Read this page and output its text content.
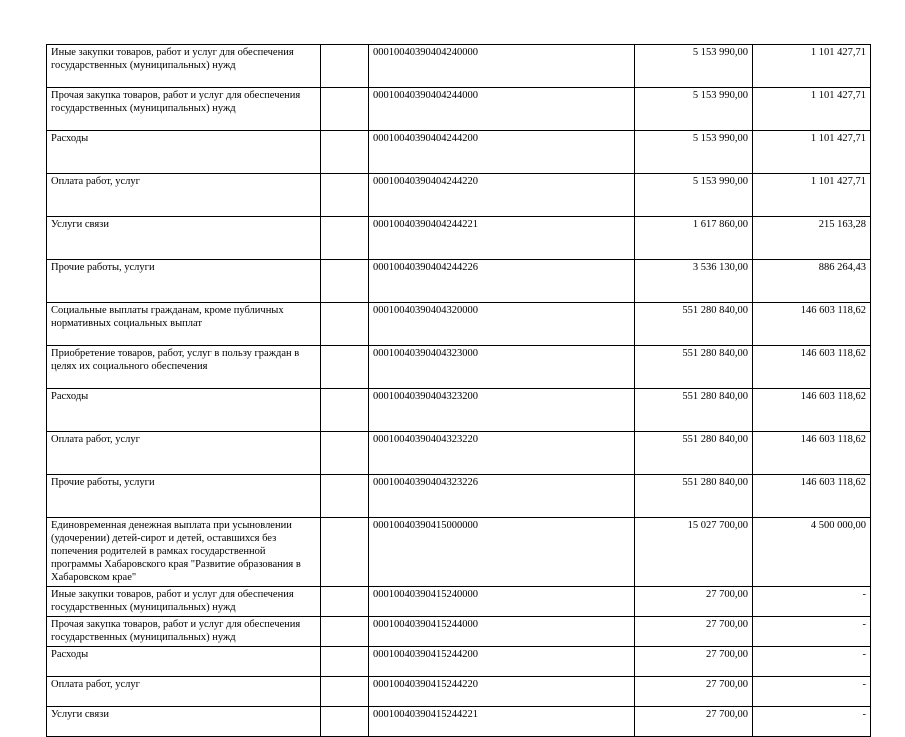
Иные закупки товаров, работ и услуг для обеспечения государственных (муниципальных) нужд		00010040390404240000	5 153 990,00	1 101 427,71	
Прочая закупка товаров, работ и услуг для обеспечения государственных (муниципальных) нужд		00010040390404244000	5 153 990,00	1 101 427,71	
Расходы		00010040390404244200	5 153 990,00	1 101 427,71	
Оплата работ, услуг		00010040390404244220	5 153 990,00	1 101 427,71	
Услуги связи		00010040390404244221	1 617 860,00	215 163,28	
Прочие работы, услуги		00010040390404244226	3 536 130,00	886 264,43	
Социальные выплаты гражданам, кроме публичных нормативных социальных выплат		00010040390404320000	551 280 840,00	146 603 118,62	
Приобретение товаров, работ, услуг в пользу граждан в целях их социального обеспечения		00010040390404323000	551 280 840,00	146 603 118,62	
Расходы		00010040390404323200	551 280 840,00	146 603 118,62	
Оплата работ, услуг		00010040390404323220	551 280 840,00	146 603 118,62	
Прочие работы, услуги		00010040390404323226	551 280 840,00	146 603 118,62	
Единовременная денежная выплата при усыновлении (удочерении) детей-сирот и детей, оставшихся без попечения родителей в рамках государственной программы Хабаровского края "Развитие образования в Хабаровском крае"		00010040390415000000	15 027 700,00	4 500 000,00	
Иные закупки товаров, работ и услуг для обеспечения государственных (муниципальных) нужд		00010040390415240000	27 700,00	-	
Прочая закупка товаров, работ и услуг для обеспечения государственных (муниципальных) нужд		00010040390415244000	27 700,00	-	
Расходы		00010040390415244200	27 700,00	-	
Оплата работ, услуг		00010040390415244220	27 700,00	-	
Услуги связи		00010040390415244221	27 700,00	-	
